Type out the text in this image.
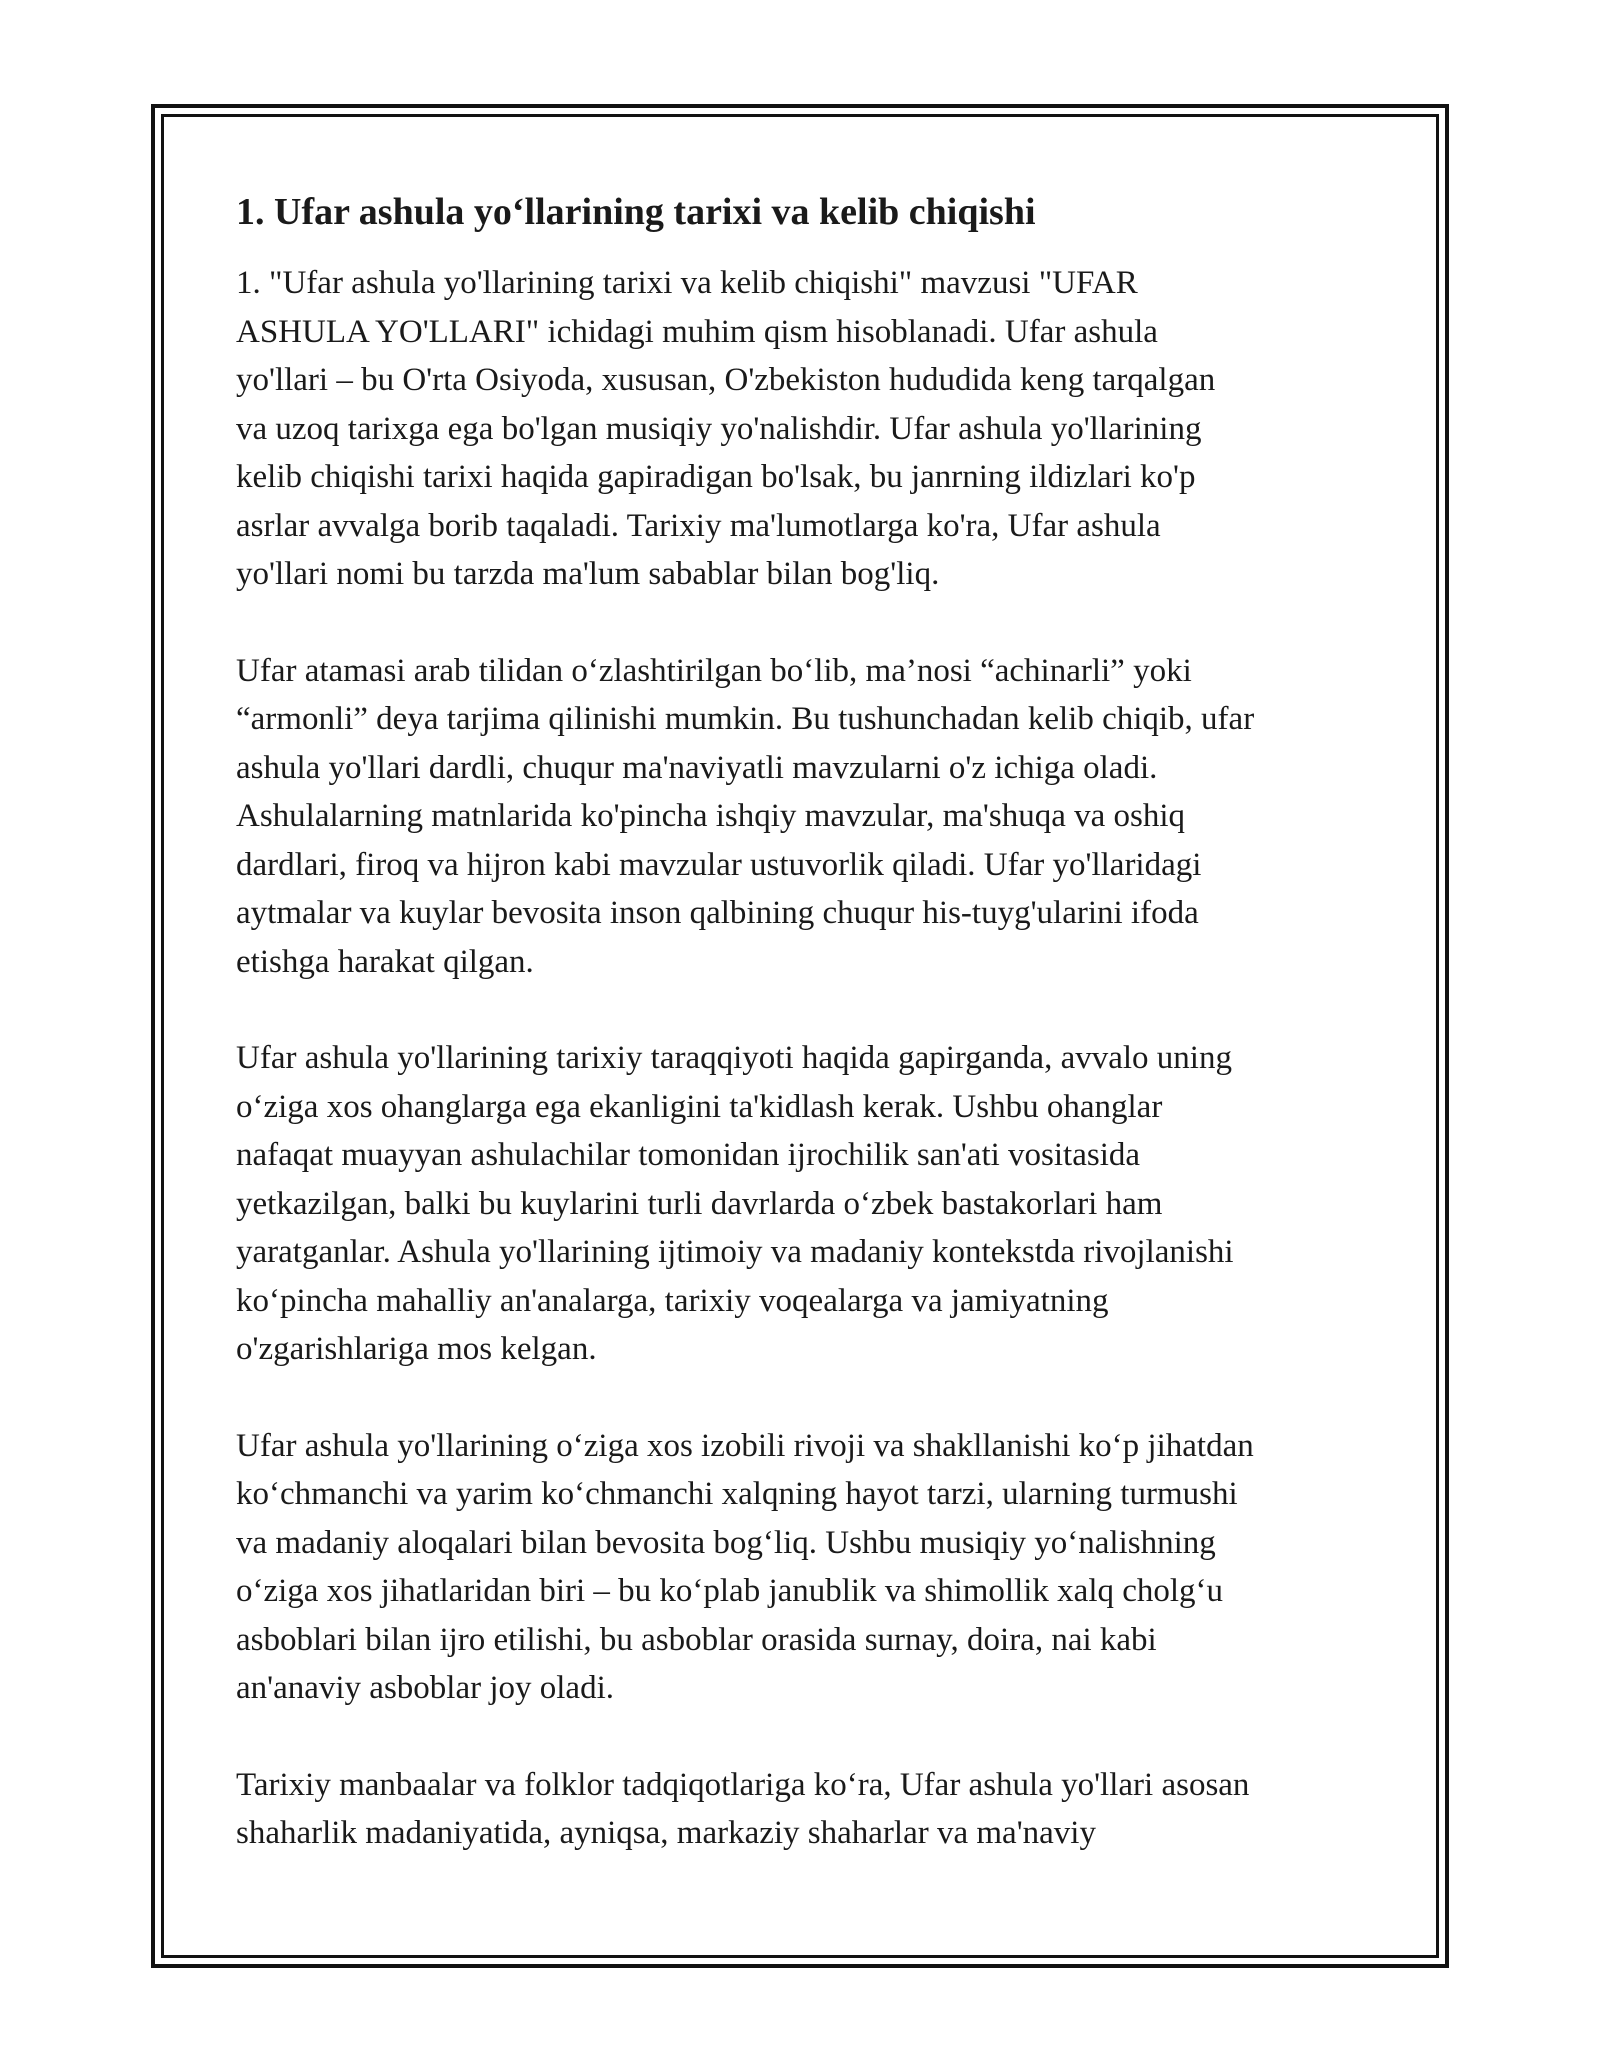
1. Ufar ashula yo‘llarining tarixi va kelib chiqishi

1. "Ufar ashula yo'llarining tarixi va kelib chiqishi" mavzusi "UFAR
ASHULA YO'LLARI" ichidagi muhim qism hisoblanadi. Ufar ashula
yo'llari – bu O'rta Osiyoda, xususan, O'zbekiston hududida keng tarqalgan
va uzoq tarixga ega bo'lgan musiqiy yo'nalishdir. Ufar ashula yo'llarining
kelib chiqishi tarixi haqida gapiradigan bo'lsak, bu janrning ildizlari ko'p
asrlar avvalga borib taqaladi. Tarixiy ma'lumotlarga ko'ra, Ufar ashula
yo'llari nomi bu tarzda ma'lum sabablar bilan bog'liq.

Ufar atamasi arab tilidan o‘zlashtirilgan bo‘lib, ma’nosi “achinarli” yoki
“armonli” deya tarjima qilinishi mumkin. Bu tushunchadan kelib chiqib, ufar
ashula yo'llari dardli, chuqur ma'naviyatli mavzularni o'z ichiga oladi.
Ashulalarning matnlarida ko'pincha ishqiy mavzular, ma'shuqa va oshiq
dardlari, firoq va hijron kabi mavzular ustuvorlik qiladi. Ufar yo'llaridagi
aytmalar va kuylar bevosita inson qalbining chuqur his-tuyg'ularini ifoda
etishga harakat qilgan.

Ufar ashula yo'llarining tarixiy taraqqiyoti haqida gapirganda, avvalo uning
o‘ziga xos ohanglarga ega ekanligini ta'kidlash kerak. Ushbu ohanglar
nafaqat muayyan ashulachilar tomonidan ijrochilik san'ati vositasida
yetkazilgan, balki bu kuylarini turli davrlarda o‘zbek bastakorlari ham
yaratganlar. Ashula yo'llarining ijtimoiy va madaniy kontekstda rivojlanishi
ko‘pincha mahalliy an'analarga, tarixiy voqealarga va jamiyatning
o'zgarishlariga mos kelgan.

Ufar ashula yo'llarining o‘ziga xos izobili rivoji va shakllanishi ko‘p jihatdan
ko‘chmanchi va yarim ko‘chmanchi xalqning hayot tarzi, ularning turmushi
va madaniy aloqalari bilan bevosita bog‘liq. Ushbu musiqiy yo‘nalishning
o‘ziga xos jihatlaridan biri – bu ko‘plab janublik va shimollik xalq cholg‘u
asboblari bilan ijro etilishi, bu asboblar orasida surnay, doira, nai kabi
an'anaviy asboblar joy oladi.

Tarixiy manbaalar va folklor tadqiqotlariga ko‘ra, Ufar ashula yo'llari asosan
shaharlik madaniyatida, ayniqsa, markaziy shaharlar va ma'naviy
